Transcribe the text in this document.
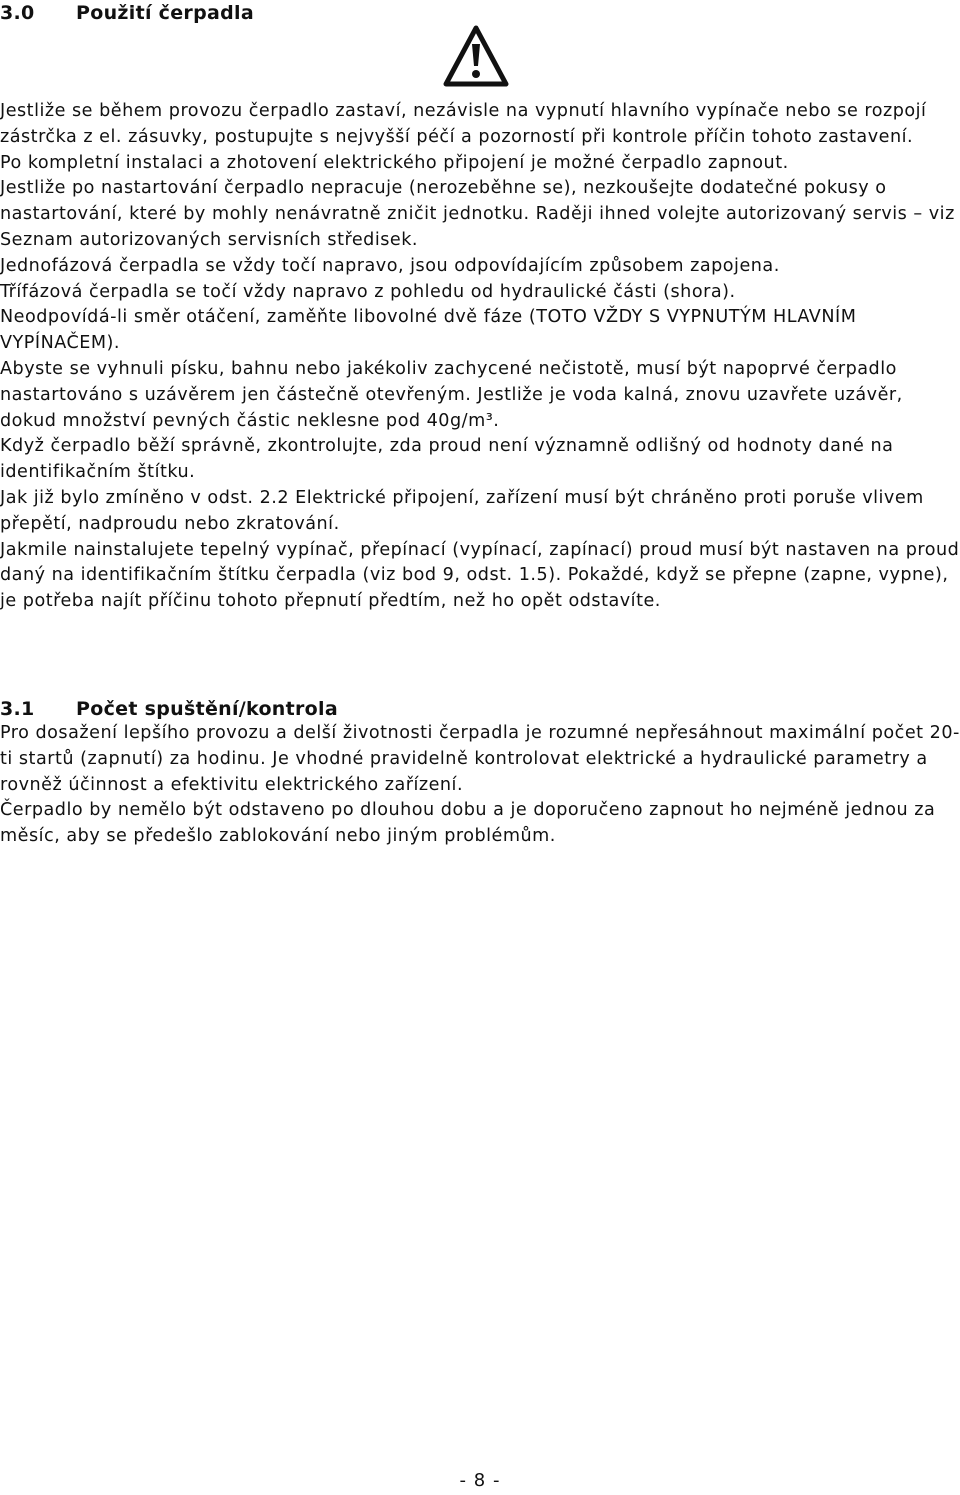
3.0 Použití čerpadla

Jestliže se během provozu čerpadlo zastaví, nezávisle na vypnutí hlavního vypínače nebo se rozpojí zástrčka z el. zásuvky, postupujte s nejvyšší péčí a pozorností při kontrole příčin tohoto zastavení.

Po kompletní instalaci a zhotovení elektrického připojení je možné čerpadlo zapnout.

Jestliže po nastartování čerpadlo nepracuje (nerozeběhne se), nezkoušejte dodatečné pokusy o nastartování, které by mohly nenávratně zničit jednotku. Raději ihned volejte autorizovaný servis – viz Seznam autorizovaných servisních středisek.

Jednofázová čerpadla se vždy točí napravo, jsou odpovídajícím způsobem zapojena.

Třífázová čerpadla se točí vždy napravo z pohledu od hydraulické části (shora).

Neodpovídá-li směr otáčení, zaměňte libovolné dvě fáze (TOTO VŽDY S VYPNUTÝM HLAVNÍM VYPÍNAČEM).

Abyste se vyhnuli písku, bahnu nebo jakékoliv zachycené nečistotě, musí být napoprvé čerpadlo nastartováno s uzávěrem jen částečně otevřeným. Jestliže je voda kalná, znovu uzavřete uzávěr, dokud množství pevných částic neklesne pod 40g/m³.

Když čerpadlo běží správně, zkontrolujte, zda proud není významně odlišný od hodnoty dané na identifikačním štítku.

Jak již bylo zmíněno v odst. 2.2 Elektrické připojení, zařízení musí být chráněno proti poruše vlivem přepětí, nadproudu nebo zkratování.

Jakmile nainstalujete tepelný vypínač, přepínací (vypínací, zapínací) proud musí být nastaven na proud daný na identifikačním štítku čerpadla (viz bod 9, odst. 1.5). Pokaždé, když se přepne (zapne, vypne), je potřeba najít příčinu tohoto přepnutí předtím, než ho opět odstavíte.

3.1 Počet spuštění/kontrola

Pro dosažení lepšího provozu a delší životnosti čerpadla je rozumné nepřesáhnout maximální počet 20-ti startů (zapnutí) za hodinu. Je vhodné pravidelně kontrolovat elektrické a hydraulické parametry a rovněž účinnost a efektivitu elektrického zařízení.

Čerpadlo by nemělo být odstaveno po dlouhou dobu a je doporučeno zapnout ho nejméně jednou za měsíc, aby se předešlo zablokování nebo jiným problémům.

- 8 -
